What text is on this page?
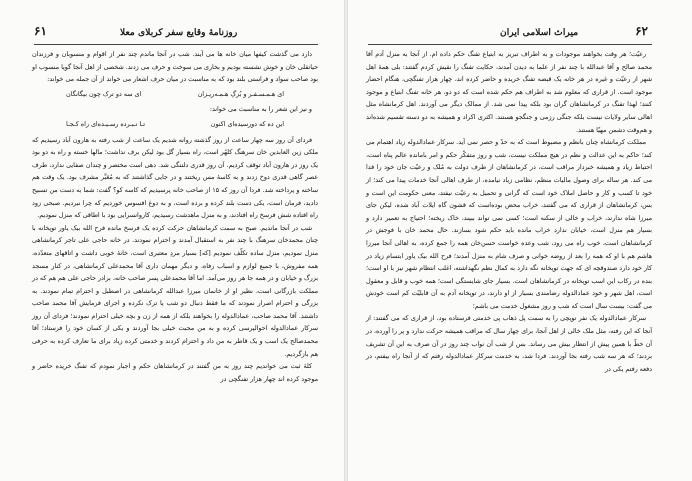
۶۱	روزنامهٔ وقایع سفر کربلای معلا

دارد می گذشت کیفها میان خانه ها می آیند. شب در آنجا ماندم چند نفر از اقوام و منسوبان و فرزندان حیاتقلی خان و خوش نشسته بودیم و بخاری می سوخت و حرف می زدند. شخصی از اهل آنجا گویا منسوب او بود صاحب سواد و فراستی بلند بود که به مناسبت در میان حرف اشعار می خواند از آن جمله می خواند:

ای هـمـسـفـر و بُرگِ هـمـه‌ریـزان
ای سه دو ترک چون بیگانگان

و نیز این شعر را به مناسبت می خواند:

این ده که دورسیده‌ای اکنون
تـا نـبـرده رسـیـده‌ای راه کـجـا

فردای آن روز سه چهار ساعت از روز گذشته روانه شدیم یک ساعت از شب رفته به هارون آباد رسیدیم که ملکی زین العابدین خان سرهنگ کلهُر است، راه بسیار گل بود لیکن برف نداشت؛ مالها خسته و راه به دو بود یک روز در هارون آباد توقف کردیم. آن روز قدری دلتنگی شد. دهی است مختصر و چندان صفایی ندارد، طرف عصر گاهی قدری دوخ زدند و به کاسهٔ مس ریختند و در جایی گذاشتند که به مُعَبَّر مشرف بود. یک وقت هم ساخته و پرداخته شد. فردا آن روز که ۱۵ از صاحب خانه پرسیدیم که کاسه کو؟ گفت: شما به دست من تسبیح دادید، فرمان است، یکی دست بلند کرده و برده است، و به دوغ افسوس خوردیم که چرا نبردیم. صبحی زود راه افتاده شش فرسخ راه افتادند، و به منزل ماهدشت رسیدیم، کاروانسرایی بود با اطاقی که منزل نمودیم.

شب در آنجا ماندیم. صبح به سمت کرمانشاهان حرکت کرده یک فرسخ مانده فرح الله بیک یاور توپخانه با چنان محمدخان سرهنگ با چند نفر به استقبال آمدند و احترام نمودند. در خانه حاجی علی تاجر کرمانشاهی منزل نمودیم، منزل ساده تکلّف نمودیم [که] بسیار مردِ معتبری است، خانهٔ خوبی داشت و اتاقهای متعدّده، همه مفروش، با جمیع لوازم و اسباب رفاه، و دیگر مهمان داری آقا محمدعلی کرمانشاهی، در کنار مسجد بزرگ و خیابان و در همه جا هر روز می‌آمد. اما آقا محمدعلی پسر صاحب خانه، برادر حاجی علی هم هم که در مملکت بازرگانی است، نظیر او از خانمان میرزا عبدالله کرمانشاهی در اصطبل و احترام تمام نمودند. به بزرگی و احترام اصرار نمودند که ما فقط دنبال دو شب یا ترک نکرده و اجرای فرمایش آقا محمد صاحب داشتند. آقا محمد صاحب، عمادالدوله را بخواهند بلکه از همه از زن و بچه خیلی احترام نمودند؛ فردای آن روز سرکار عمادالدوله احوالپرسی کرده و به من محبت خیلی بجا آوردند و یکی از کسان خود را فرستاد؛ آقا محمدصالح یک اسب و یک قاطر به من داد و احترام کردند و خدمتی کرده زیاد برای ما تعارف کرده به حرفی هم بازگردیم.

کلهٔ ثبت می خواندیم چند روز به من گفتند در کرمانشاهان حکم و اجبار نمودم که تفنگ خریده حاضر و موجود کرده اند چهار هزار تفنگچی در

۶۲
میراث اسلامی ایران

رعیّت؛ هر وقت بخواهند موجودات و به اطراف تبریز به ابتیاع تفنگ حکم داده ام. از آنجا به منزل آدم آقا محمد صالح و آقا عبدالله با چند نفر از علما به دیدن آمدند، حکایت تفنگ را نقیش کردم گفتند: بلی همهٔ اهل شهر از رعیّت و غیره در هر خانه یک قبضه تفنگ خریده و حاضر کرده اند، چهار هزار تفنگچی، هنگام احضار موجود است. از قراری که معلوم شد به اطراف هم حکم شده است که دو دو، هر خانه تفنگ ابتیاع و موجود کنند؛ لهذا تفنگ در کرمانشاهان گران بود بلکه پیدا نمی شد. از ممالک دیگر می آوردند. اهل کرمانشاه مثل اهالی سایر ولایات نیست بلکه جنگی رزمی و جنگجو هستند. اکثری اکراد و همیشه به دو دسته تقسیم شده‌اند و هم‌وقت دشمن مهیّا هستند.

مملکت کرمانشاه چنان بانظم و مضبوط است که به حدّ و حصر نمی آید. سرکار عمادالدوله زیاد اهتمام می کند؛ حاکم به این عدالت و نظم در هیچ مملکت نیست، شب و روز متفکّر حکم و امر بامانده عالم پناه است، احتیاط زیاد و همیشه خبردار مراقب است، در کرمانشاهان از طرف دولت به مُلک و رعیّت جان خود را فدا می کند. هر ساله برای وصول مالیات منظم، نظامی زیاد نیامده، از طرف اهالی آنجا خدمات پیدا می کند؛ از خود تا کسب و کار و حاصل املاک خود است که گرانی و تحمیل به رعیّت نیفتد، معنی حکومت این است و بس، کرمانشاهان از قراری که می گفتند، خراب محض بوده‌است که قشون گاه ایلات آباد شده، لیکن جای میرزا شاه ندارند، خراب و خالی از سکنه است؛ کسی نمی تواند ببیند، خاک ریخته؛ احتیاج به تعمیر دارد و بسیار هم منزل است، خیابان ندارد خراب مانده باید حکم شود بسازند. حال محمد خان با فوجش در کرمانشاهان است، خوب راه می رود، شب وعده خواست حسن‌خان همه را جمع کرده، به اهالی آنجا میرزا هاشم هم با او که همه را بعد از روضه خوانی و صرف شام به منزل آمدند؛ فرح الله بیک یاور ابتسام زیاد در کار خود دارد صندوقچه ای که جهت توپخانه نگه دارد به کمال نظم نگهداشته، اغلب انتظام شهر نیز با او است؛ بنده در رکاب این اسب توپخانه در کرمانشاهان است. بسیار جای شایستگی است؛ همه خوب و قابل و معقول است، اهل شهر و خود عمادالدوله رضامندی بسیار از او دارند، در توپخانه آدم به آن قابلیّت کم است خودش می گفت: بیست سال است که شب و روز مشغول خدمت می باشم؛

سرکار عمادالدوله یک نفر توپچی را به سمت پل ذهاب پی خدمتی فرستاده بود، از قراری که می گفتند: از آنجا که این رفته، مثل ملک خالی از اهل آنجا، برای چهار سال که مراقب همیشه حرکت ندارد و پر را آورده، در آن خطّ با همین پیش از انتظار بیش می رساند. بس از شب آن نواب چند روز در آن صرف به این آن تشریف بردند؛ که هر سه شب رفته بجا آوردند. فردا شد، به خدمت سرکار عمادالدوله رفتم که از آنجا راه بیفتم، در دفعه رفتم یکی در
